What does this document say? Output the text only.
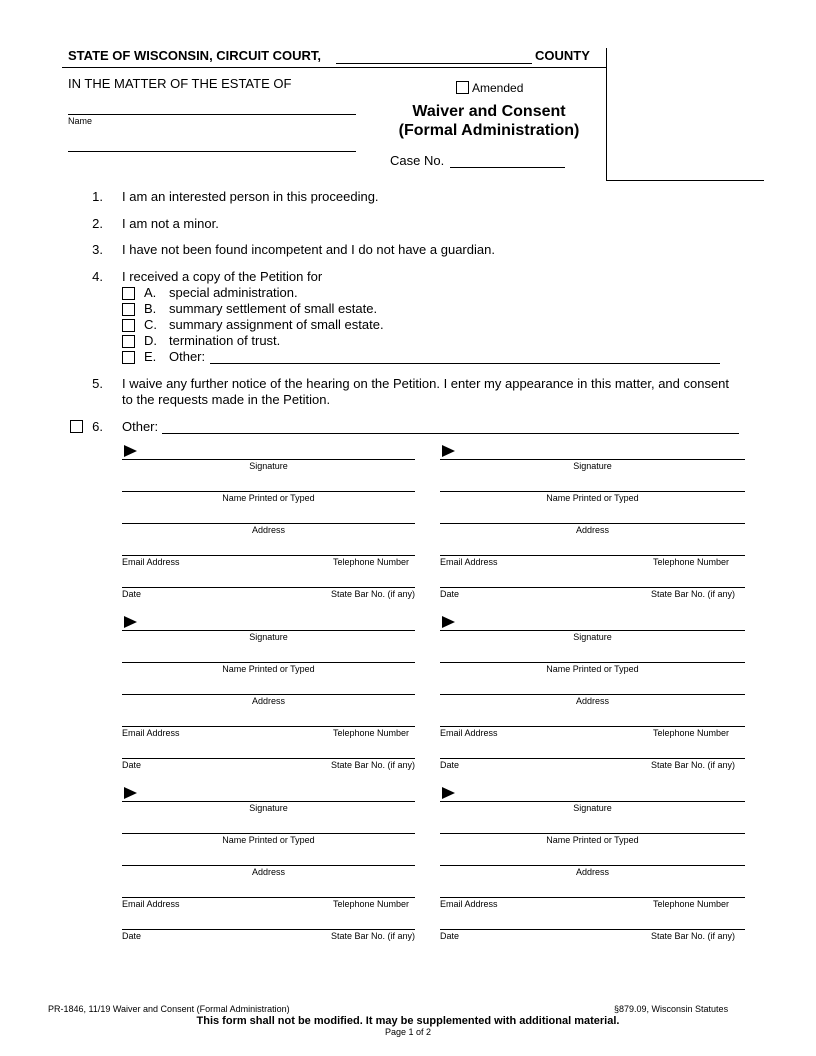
STATE OF WISCONSIN, CIRCUIT COURT,	COUNTY
IN THE MATTER OF THE ESTATE OF
Name
Amended
Waiver and Consent
(Formal Administration)
Case No.
1. I am an interested person in this proceeding.
2. I am not a minor.
3. I have not been found incompetent and I do not have a guardian.
4. I received a copy of the Petition for
A. special administration.
B. summary settlement of small estate.
C. summary assignment of small estate.
D. termination of trust.
E. Other:
5. I waive any further notice of the hearing on the Petition. I enter my appearance in this matter, and consent
to the requests made in the Petition.
6. Other:
Signature
Name Printed or Typed
Address
Email Address	Telephone Number
Date	State Bar No. (if any)
Signature
Name Printed or Typed
Address
Email Address	Telephone Number
Date	State Bar No. (if any)
Signature
Name Printed or Typed
Address
Email Address	Telephone Number
Date	State Bar No. (if any)
Signature
Name Printed or Typed
Address
Email Address	Telephone Number
Date	State Bar No. (if any)
Signature
Name Printed or Typed
Address
Email Address	Telephone Number
Date	State Bar No. (if any)
Signature
Name Printed or Typed
Address
Email Address	Telephone Number
Date	State Bar No. (if any)
PR-1846, 11/19 Waiver and Consent (Formal Administration)	§879.09, Wisconsin Statutes
This form shall not be modified. It may be supplemented with additional material.
Page 1 of 2
